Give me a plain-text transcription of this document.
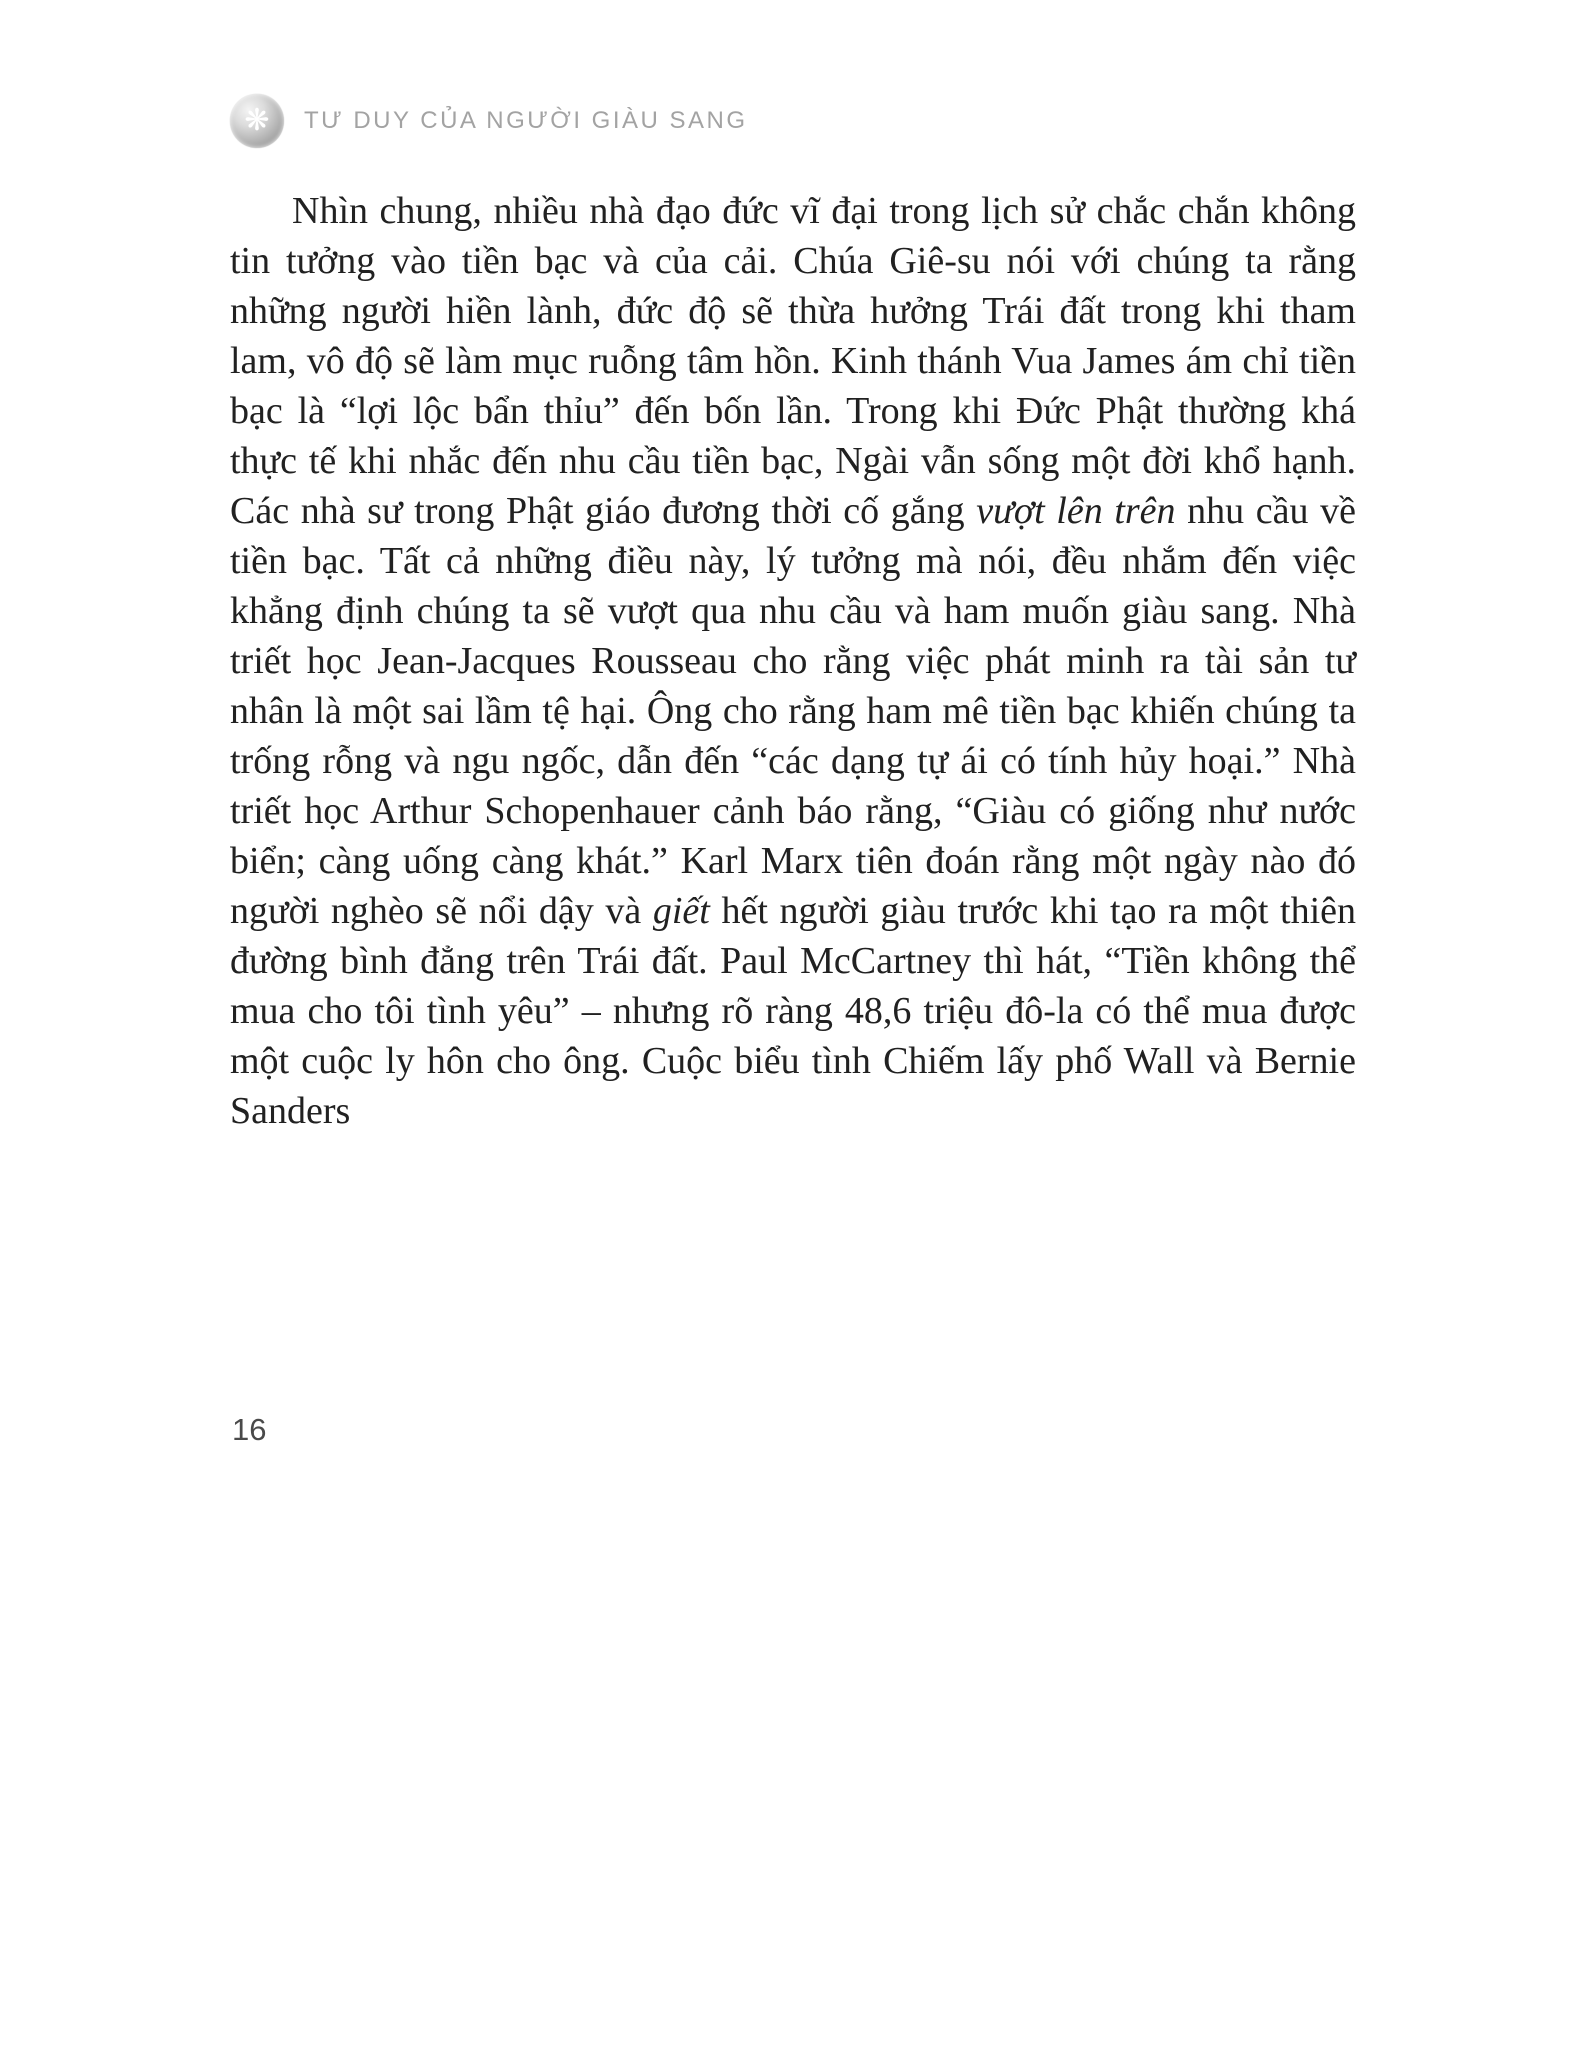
❋	TƯ DUY CỦA NGƯỜI GIÀU SANG

Nhìn chung, nhiều nhà đạo đức vĩ đại trong lịch sử chắc chắn không tin tưởng vào tiền bạc và của cải. Chúa Giê-su nói với chúng ta rằng những người hiền lành, đức độ sẽ thừa hưởng Trái đất trong khi tham lam, vô độ sẽ làm mục ruỗng tâm hồn. Kinh thánh Vua James ám chỉ tiền bạc là “lợi lộc bẩn thỉu” đến bốn lần. Trong khi Đức Phật thường khá thực tế khi nhắc đến nhu cầu tiền bạc, Ngài vẫn sống một đời khổ hạnh. Các nhà sư trong Phật giáo đương thời cố gắng vượt lên trên nhu cầu về tiền bạc. Tất cả những điều này, lý tưởng mà nói, đều nhắm đến việc khẳng định chúng ta sẽ vượt qua nhu cầu và ham muốn giàu sang. Nhà triết học Jean-Jacques Rousseau cho rằng việc phát minh ra tài sản tư nhân là một sai lầm tệ hại. Ông cho rằng ham mê tiền bạc khiến chúng ta trống rỗng và ngu ngốc, dẫn đến “các dạng tự ái có tính hủy hoại.” Nhà triết học Arthur Schopenhauer cảnh báo rằng, “Giàu có giống như nước biển; càng uống càng khát.” Karl Marx tiên đoán rằng một ngày nào đó người nghèo sẽ nổi dậy và giết hết người giàu trước khi tạo ra một thiên đường bình đẳng trên Trái đất. Paul McCartney thì hát, “Tiền không thể mua cho tôi tình yêu” – nhưng rõ ràng 48,6 triệu đô-la có thể mua được một cuộc ly hôn cho ông. Cuộc biểu tình Chiếm lấy phố Wall và Bernie Sanders

16
